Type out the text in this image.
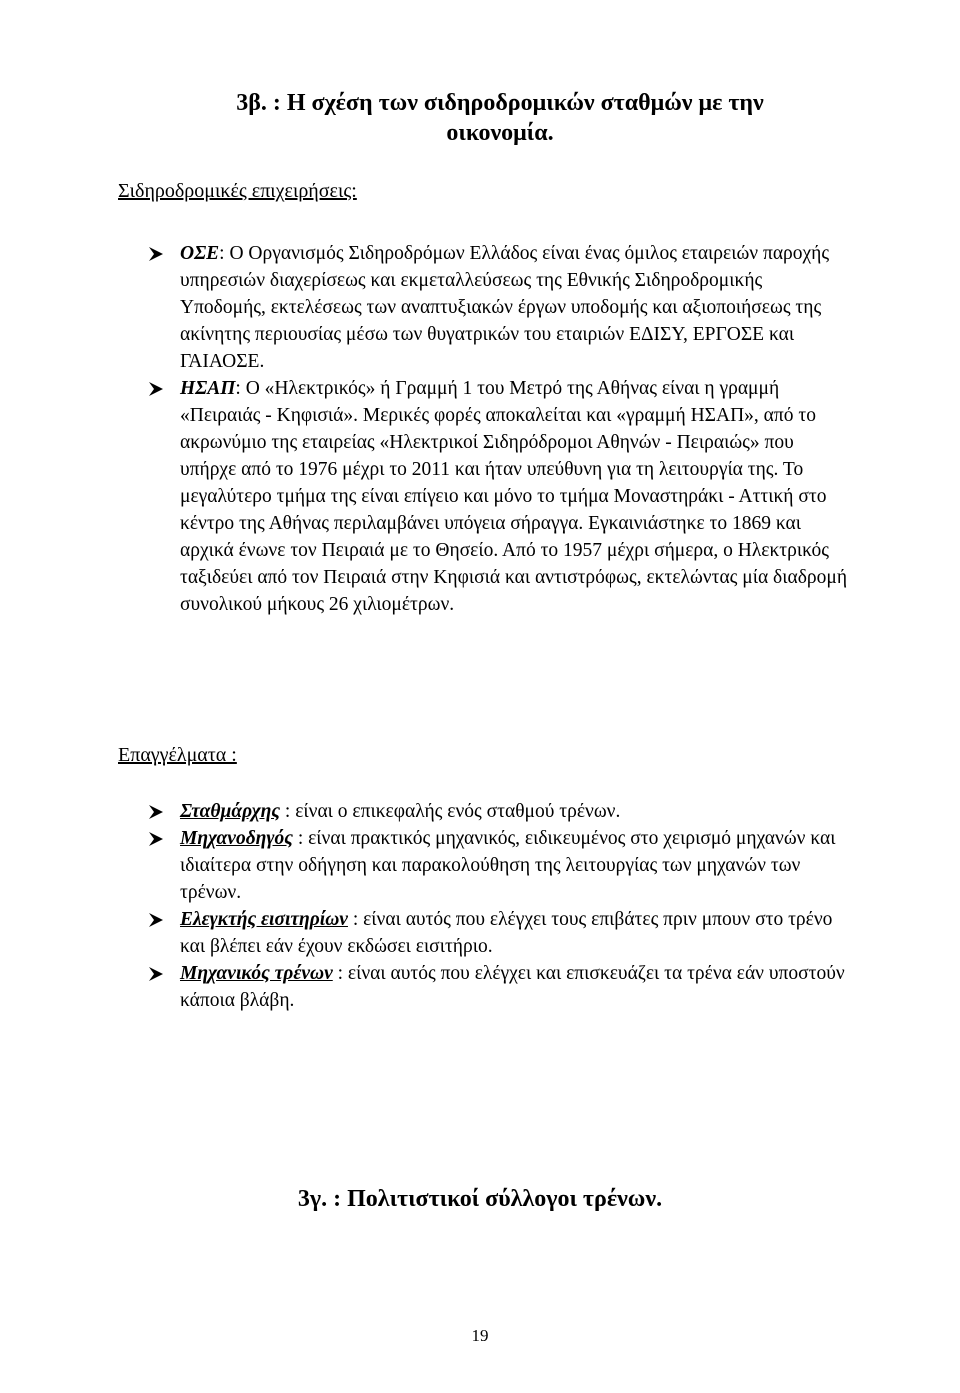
3β. : Η σχέση των σιδηροδρομικών σταθμών με την
οικονομία.

Σιδηροδρομικές επιχειρήσεις:

ΟΣΕ: Ο Οργανισμός Σιδηροδρόμων Ελλάδος είναι ένας όμιλος εταιρειών παροχής υπηρεσιών διαχερίσεως και εκμεταλλεύσεως της Εθνικής Σιδηροδρομικής Υποδομής, εκτελέσεως των αναπτυξιακών έργων υποδομής και αξιοποιήσεως της ακίνητης περιουσίας μέσω των θυγατρικών του εταιριών ΕΔΙΣΥ, ΕΡΓΟΣΕ και ΓΑΙΑΟΣΕ.
ΗΣΑΠ: Ο «Ηλεκτρικός» ή Γραμμή 1 του Μετρό της Αθήνας είναι η γραμμή «Πειραιάς - Κηφισιά». Μερικές φορές αποκαλείται και «γραμμή ΗΣΑΠ», από το ακρωνύμιο της εταιρείας «Ηλεκτρικοί Σιδηρόδρομοι Αθηνών - Πειραιώς» που υπήρχε από το 1976 μέχρι το 2011 και ήταν υπεύθυνη για τη λειτουργία της. Το μεγαλύτερο τμήμα της είναι επίγειο και μόνο το τμήμα Μοναστηράκι - Αττική στο κέντρο της Αθήνας περιλαμβάνει υπόγεια σήραγγα. Εγκαινιάστηκε το 1869 και αρχικά ένωνε τον Πειραιά με το Θησείο. Από το 1957 μέχρι σήμερα, ο Ηλεκτρικός ταξιδεύει από τον Πειραιά στην Κηφισιά και αντιστρόφως, εκτελώντας μία διαδρομή συνολικού μήκους 26 χιλιομέτρων.

Επαγγέλματα :

Σταθμάρχης : είναι ο επικεφαλής ενός σταθμού τρένων.
Μηχανοδηγός : είναι πρακτικός μηχανικός, ειδικευμένος στο χειρισμό μηχανών και ιδιαίτερα στην οδήγηση και παρακολούθηση της λειτουργίας των μηχανών των τρένων.
Ελεγκτής εισιτηρίων : είναι αυτός που ελέγχει τους επιβάτες πριν μπουν στο τρένο και βλέπει εάν έχουν εκδώσει εισιτήριο.
Μηχανικός τρένων : είναι αυτός που ελέγχει και επισκευάζει τα τρένα εάν υποστούν κάποια βλάβη.
3γ. : Πολιτιστικοί σύλλογοι τρένων.
19
